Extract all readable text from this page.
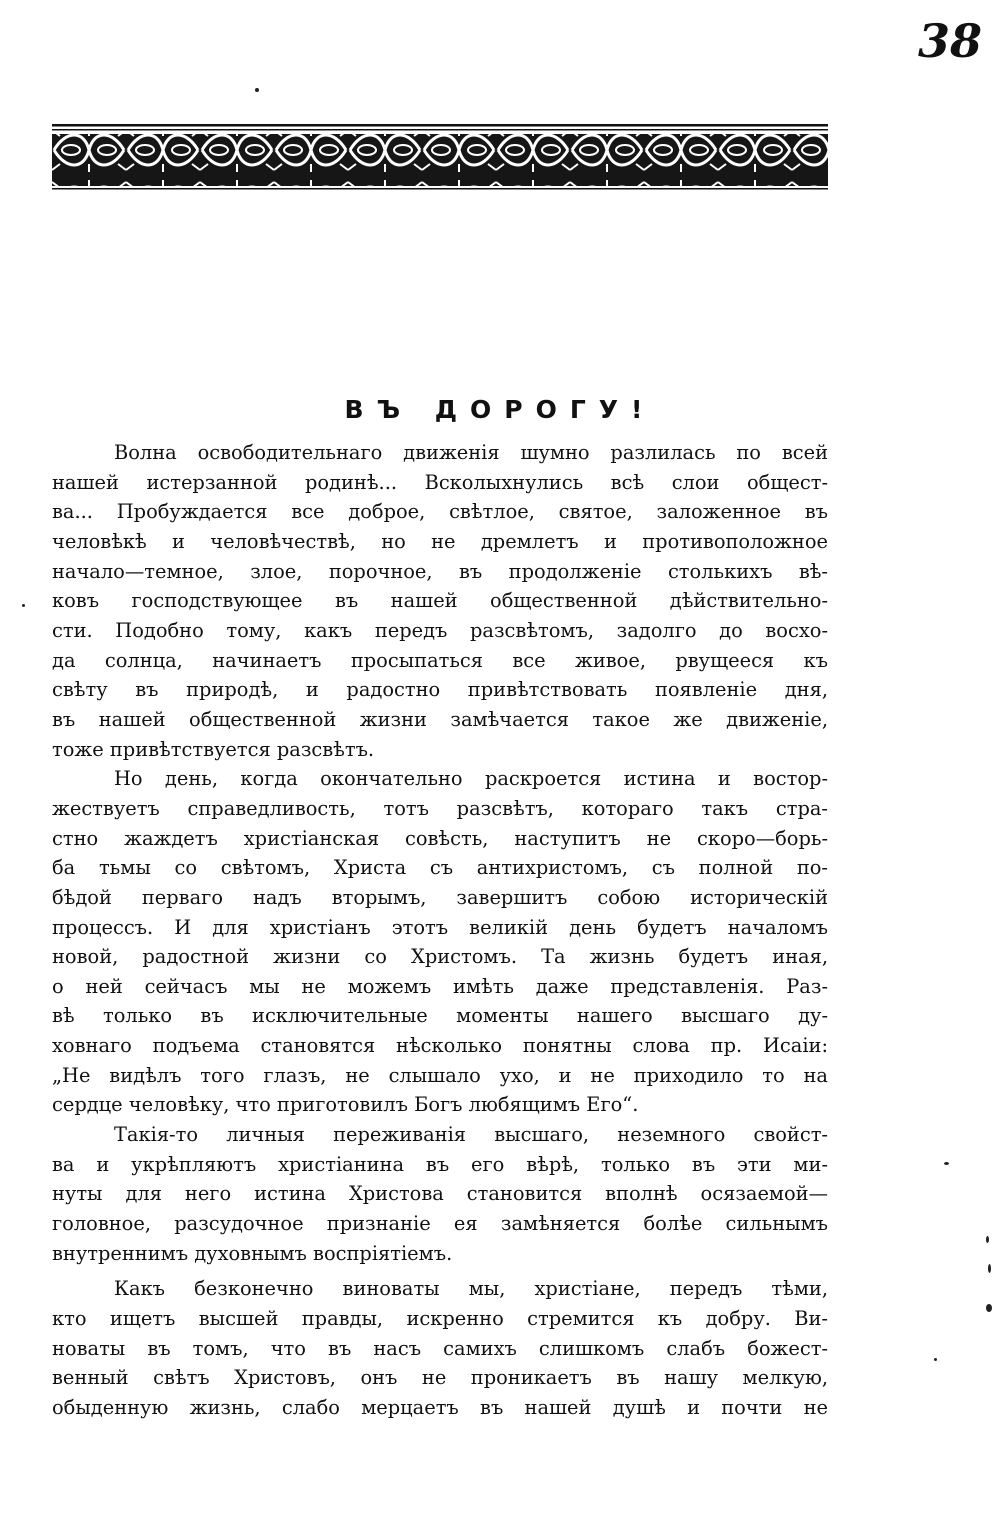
38
ВЪ ДОРОГУ!

Волна освободительнаго движенія шумно разлилась по всей
нашей истерзанной родинѣ... Всколыхнулись всѣ слои общест-
ва... Пробуждается все доброе, свѣтлое, святое, заложенное въ
человѣкѣ и человѣчествѣ, но не дремлетъ и противоположное
начало—темное, злое, порочное, въ продолженіе столькихъ вѣ-
ковъ господствующее въ нашей общественной дѣйствительно-
сти. Подобно тому, какъ передъ разсвѣтомъ, задолго до восхо-
да солнца, начинаетъ просыпаться все живое, рвущееся къ
свѣту въ природѣ, и радостно привѣтствовать появленіе дня,
въ нашей общественной жизни замѣчается такое же движеніе,
тоже привѣтствуется разсвѣтъ.

Но день, когда окончательно раскроется истина и востор-
жествуетъ справедливость, тотъ разсвѣтъ, котораго такъ стра-
стно жаждетъ христіанская совѣсть, наступитъ не скоро—борь-
ба тьмы со свѣтомъ, Христа съ антихристомъ, съ полной по-
бѣдой перваго надъ вторымъ, завершитъ собою историческій
процессъ. И для христіанъ этотъ великій день будетъ началомъ
новой, радостной жизни со Христомъ. Та жизнь будетъ иная,
о ней сейчасъ мы не можемъ имѣть даже представленія. Раз-
вѣ только въ исключительные моменты нашего высшаго ду-
ховнаго подъема становятся нѣсколько понятны слова пр. Исаіи:
„Не видѣлъ того глазъ, не слышало ухо, и не приходило то на
сердце человѣку, что приготовилъ Богъ любящимъ Его“.

Такія-то личныя переживанія высшаго, неземного свойст-
ва и укрѣпляютъ христіанина въ его вѣрѣ, только въ эти ми-
нуты для него истина Христова становится вполнѣ осязаемой—
головное, разсудочное признаніе ея замѣняется болѣе сильнымъ
внутреннимъ духовнымъ воспріятіемъ.

Какъ безконечно виноваты мы, христіане, передъ тѣми,
кто ищетъ высшей правды, искренно стремится къ добру. Ви-
новаты въ томъ, что въ насъ самихъ слишкомъ слабъ божест-
венный свѣтъ Христовъ, онъ не проникаетъ въ нашу мелкую,
обыденную жизнь, слабо мерцаетъ въ нашей душѣ и почти не
